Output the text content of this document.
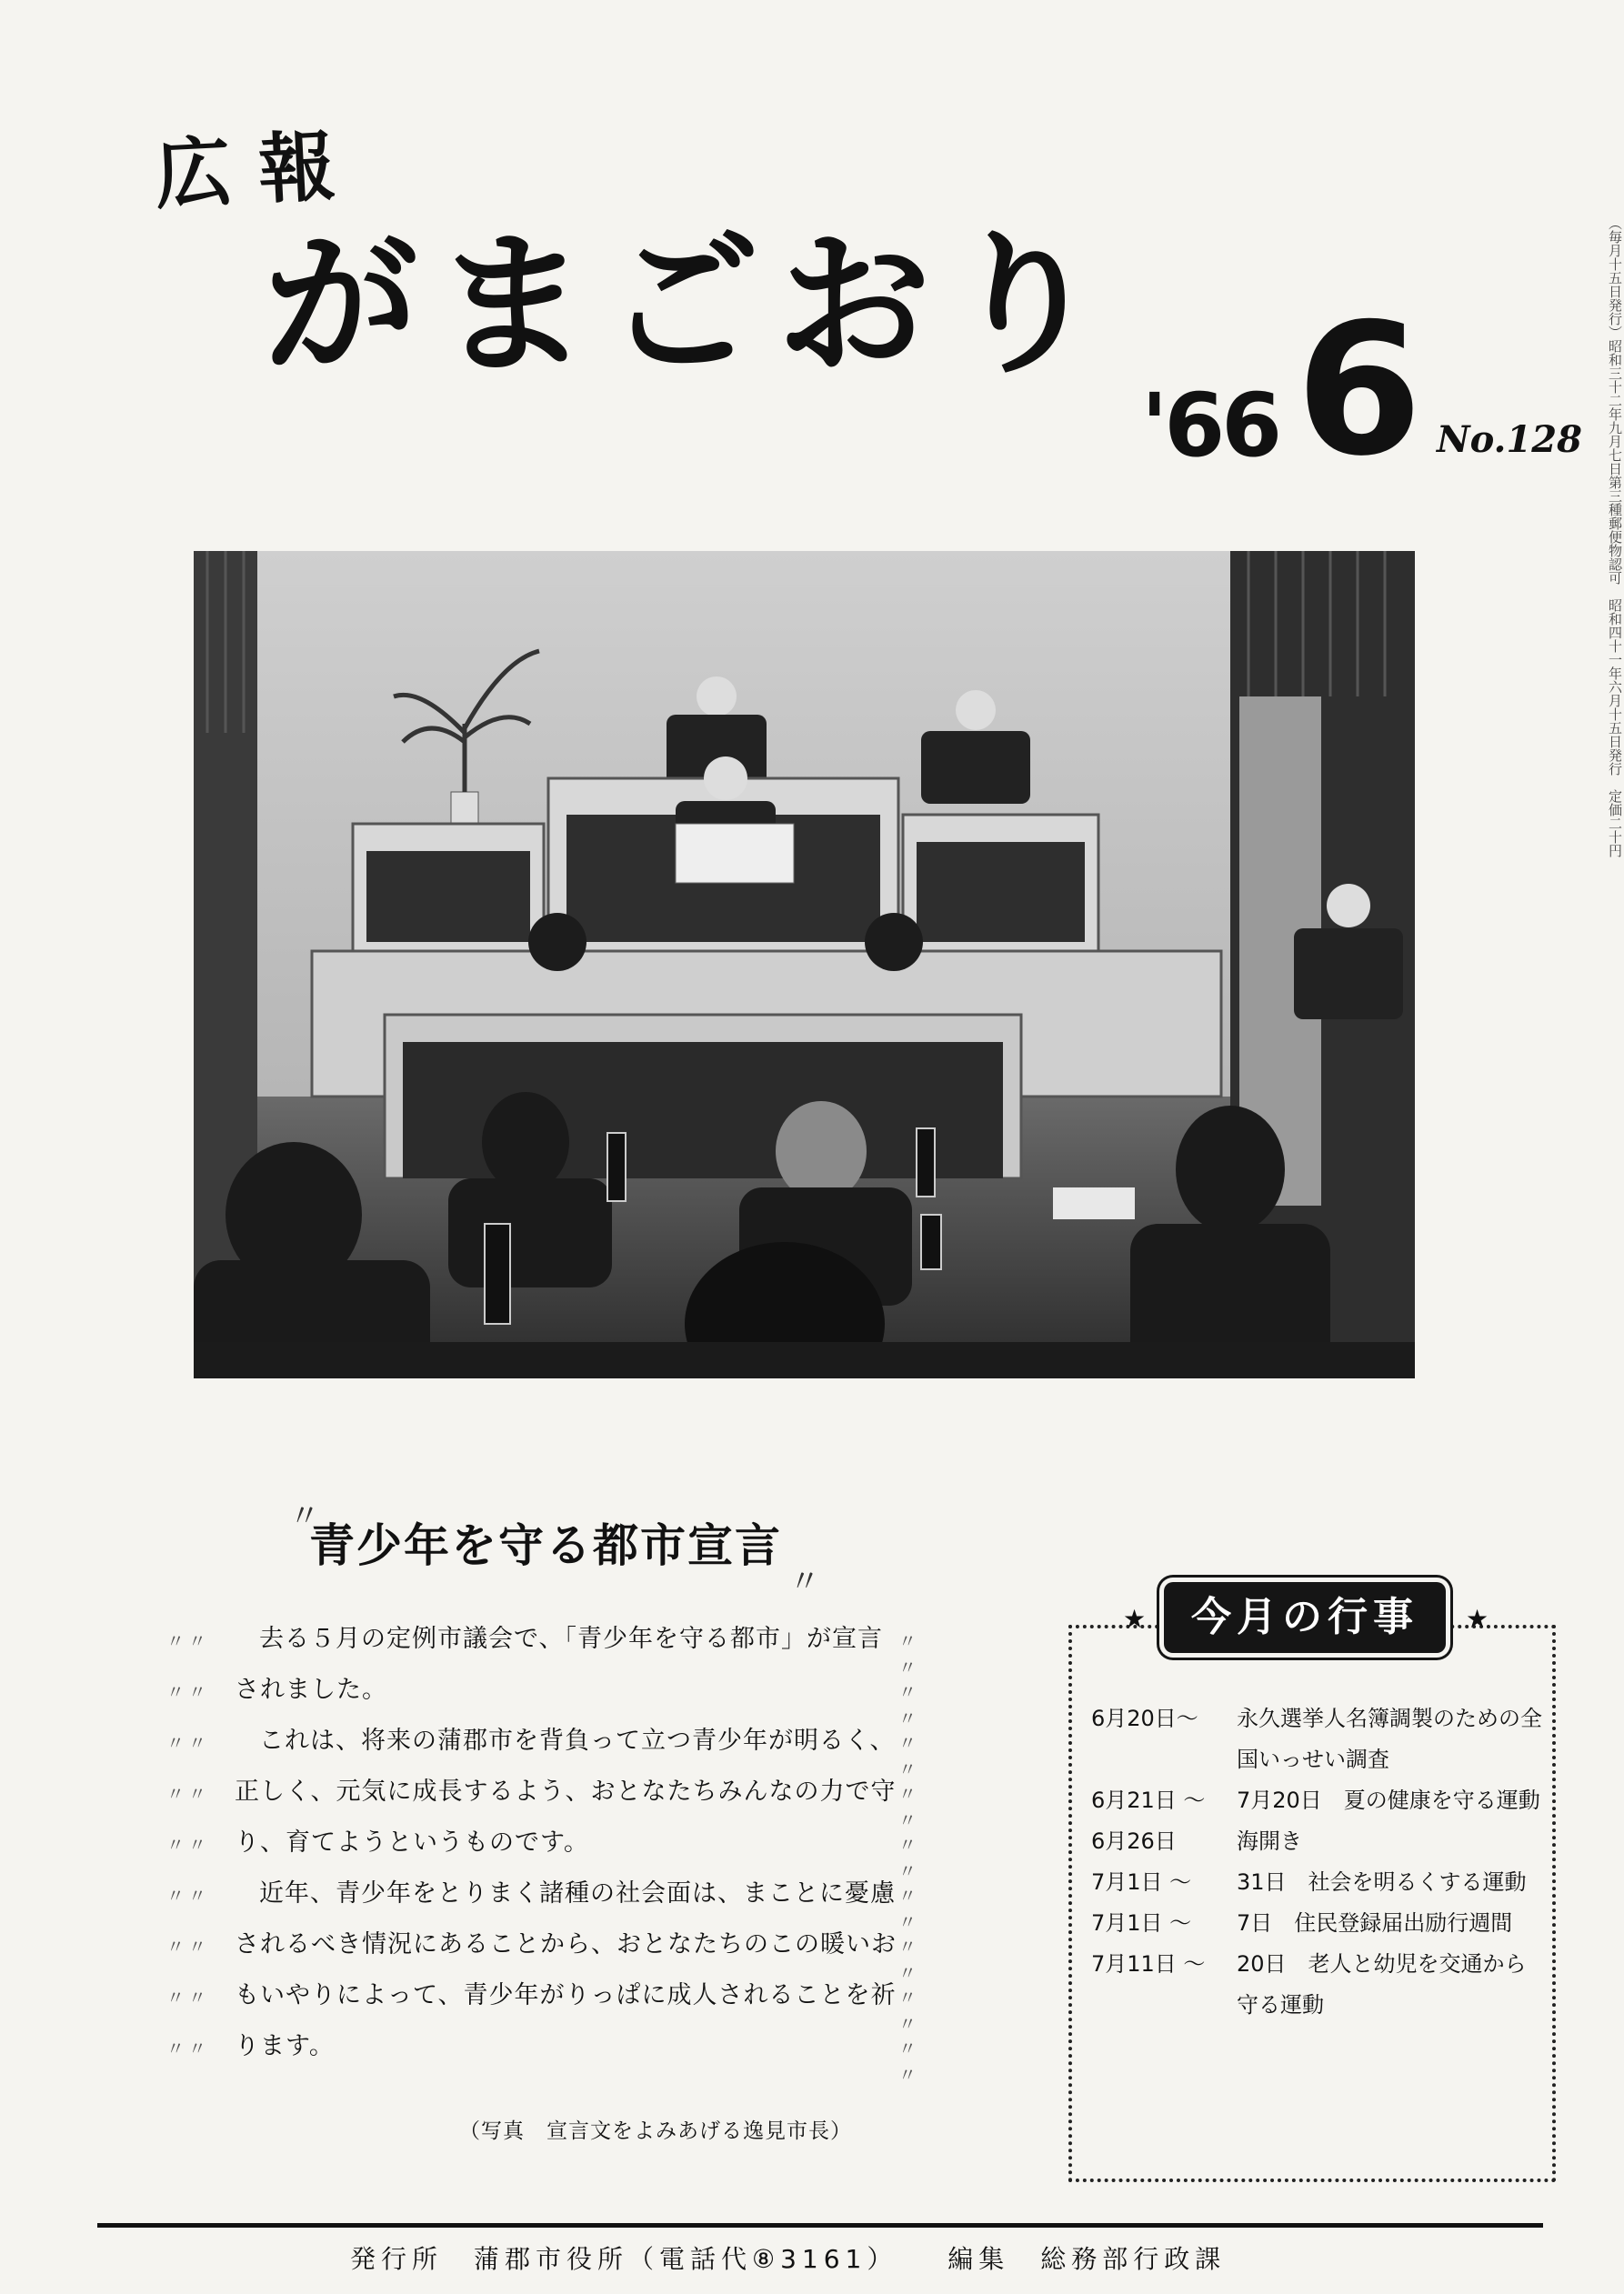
広報
がまごおり
'66 6 No.128	（毎月十五日発行）昭和三十二年九月七日第三種郵便物認可　昭和四十一年六月十五日発行　定価二十円
〃
青少年を守る都市宣言
〃
〃〃	去る５月の定例市議会で、「青少年を守る都市」が宣言 〃〃
〃〃 されました。	〃〃
〃〃	これは、将来の蒲郡市を背負って立つ青少年が明るく、 〃〃
〃〃 正しく、元気に成長するよう、おとなたちみんなの力で守 〃〃
〃〃 り、育てようというものです。	〃〃
〃〃	近年、青少年をとりまく諸種の社会面は、まことに憂慮 〃〃
〃〃 されるべき情況にあることから、おとなたちのこの暖いお 〃〃
〃〃 もいやりによって、青少年がりっぱに成人されることを祈 〃〃
〃〃 ります。	〃〃
（写真　宣言文をよみあげる逸見市長）
★	★
今月の行事
6月20日〜	永久選挙人名簿調製のための全国いっせい調査
6月21日 〜	7月20日　夏の健康を守る運動
6月26日	海開き
7月1日 〜	31日　社会を明るくする運動
7月1日 〜	7日　住民登録届出励行週間
7月11日 〜	20日　老人と幼児を交通から守る運動
発行所　蒲郡市役所（電話代⑧3161） 編集　総務部行政課
